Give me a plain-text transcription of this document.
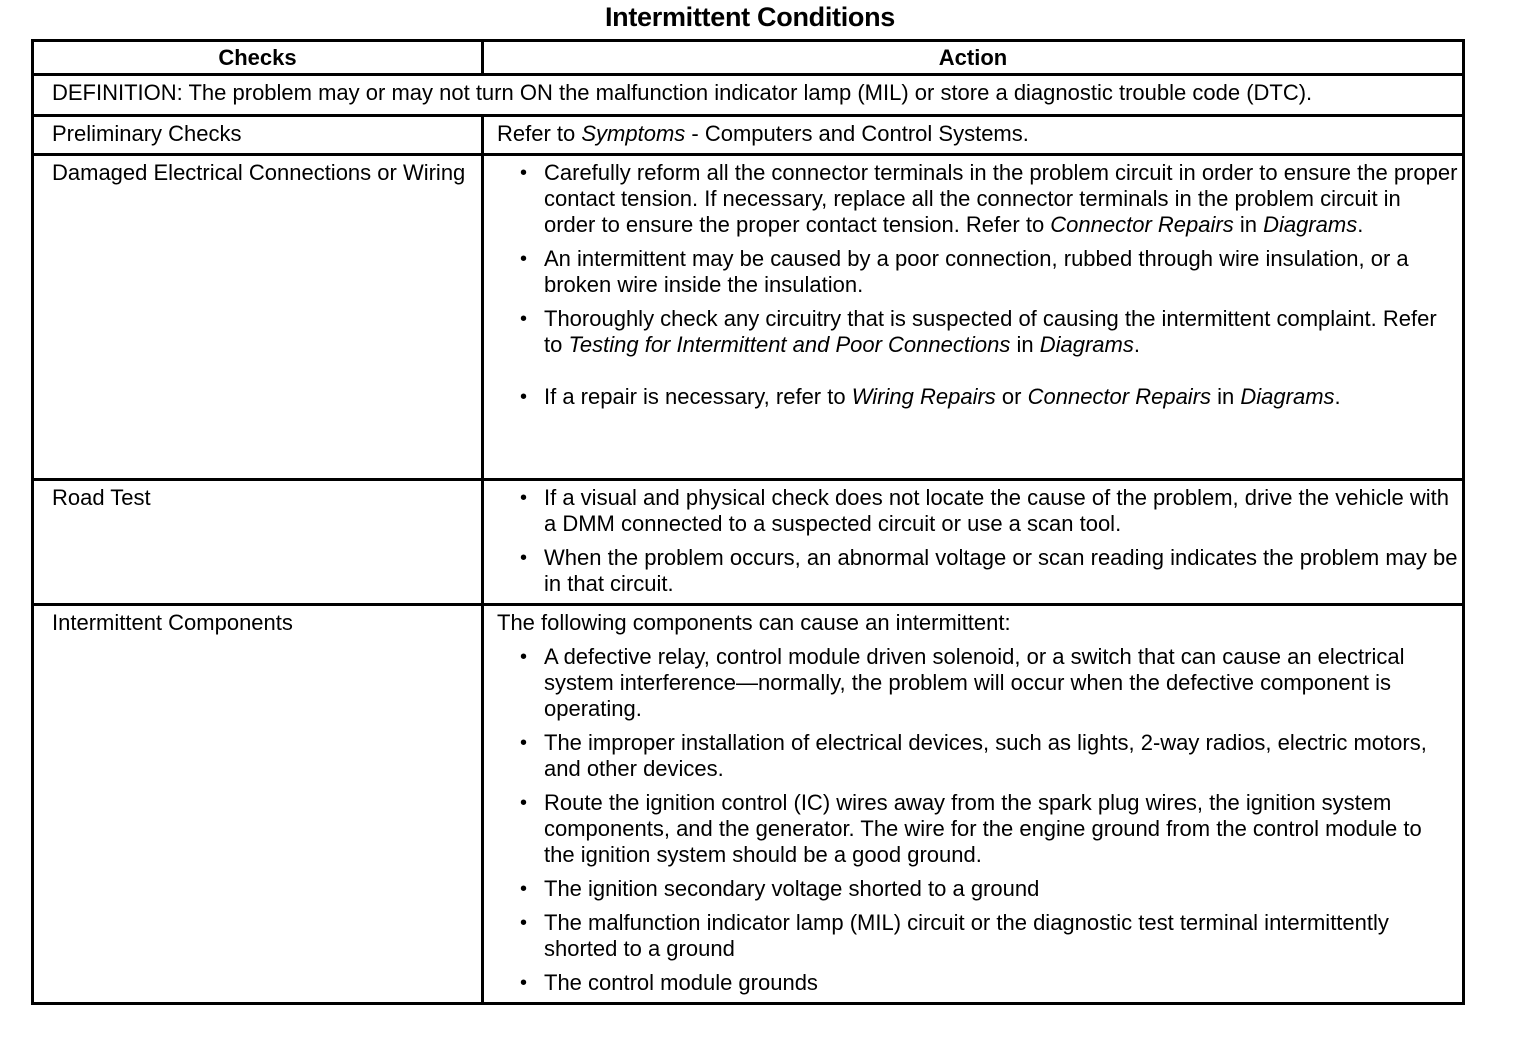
Intermittent Conditions
Checks	Action
DEFINITION: The problem may or may not turn ON the malfunction indicator lamp (MIL) or store a diagnostic trouble code (DTC).	
Preliminary Checks	Refer to Symptoms - Computers and Control Systems.
Damaged Electrical Connections or Wiring	• Carefully reform all the connector terminals in the problem circuit in order to ensure the proper contact tension. If necessary, replace all the connector terminals in the problem circuit in order to ensure the proper contact tension. Refer to Connector Repairs in Diagrams.
• An intermittent may be caused by a poor connection, rubbed through wire insulation, or a broken wire inside the insulation.
• Thoroughly check any circuitry that is suspected of causing the intermittent complaint. Refer to Testing for Intermittent and Poor Connections in Diagrams.
• If a repair is necessary, refer to Wiring Repairs or Connector Repairs in Diagrams.

Road Test	• If a visual and physical check does not locate the cause of the problem, drive the vehicle with a DMM connected to a suspected circuit or use a scan tool.
• When the problem occurs, an abnormal voltage or scan reading indicates the problem may be in that circuit.

Intermittent Components	The following components can cause an intermittent:
• A defective relay, control module driven solenoid, or a switch that can cause an electrical system interference—normally, the problem will occur when the defective component is operating.
• The improper installation of electrical devices, such as lights, 2-way radios, electric motors, and other devices.
• Route the ignition control (IC) wires away from the spark plug wires, the ignition system components, and the generator. The wire for the engine ground from the control module to the ignition system should be a good ground.
• The ignition secondary voltage shorted to a ground
• The malfunction indicator lamp (MIL) circuit or the diagnostic test terminal intermittently shorted to a ground
• The control module grounds
